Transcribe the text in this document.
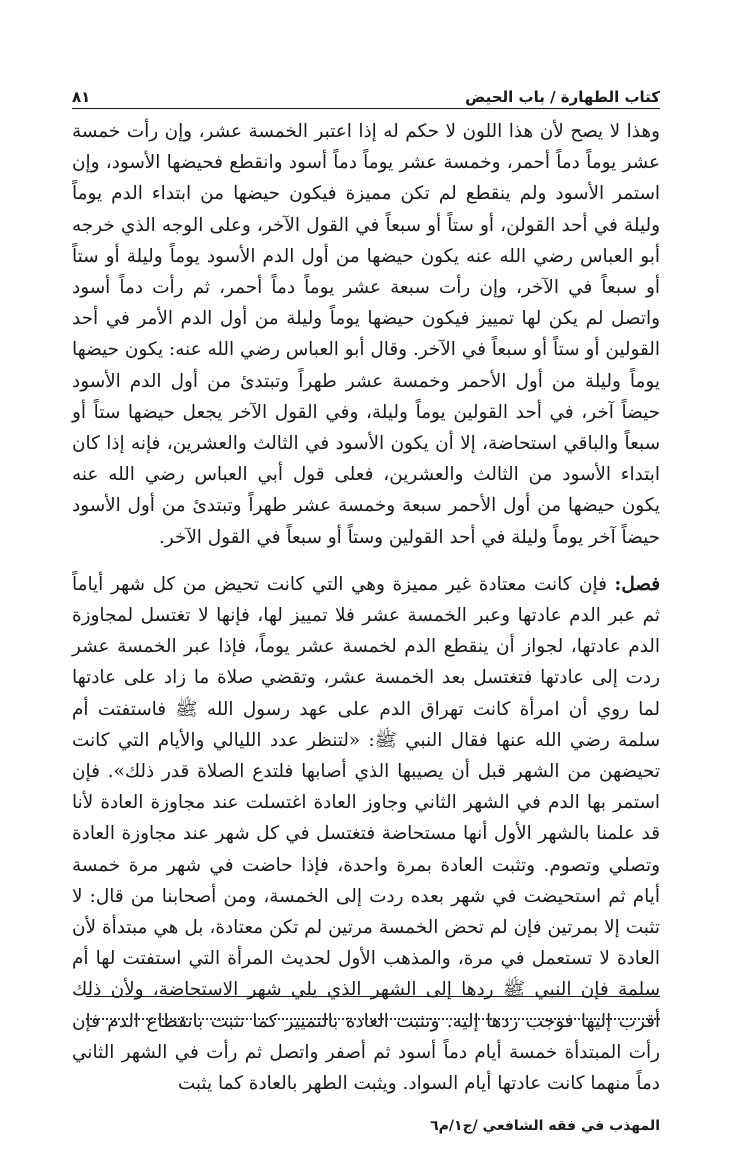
كتاب الطهارة / باب الحيض
٨١

وهذا لا يصح لأن هذا اللون لا حكم له إذا اعتبر الخمسة عشر، وإن رأت خمسة عشر يوماً دماً أحمر، وخمسة عشر يوماً دماً أسود وانقطع فحيضها الأسود، وإن استمر الأسود ولم ينقطع لم تكن مميزة فيكون حيضها من ابتداء الدم يوماً وليلة في أحد القولن، أو ستاً أو سبعاً في القول الآخر، وعلى الوجه الذي خرجه أبو العباس رضي الله عنه يكون حيضها من أول الدم الأسود يوماً وليلة أو ستاً أو سبعاً في الآخر، وإن رأت سبعة عشر يوماً دماً أحمر، ثم رأت دماً أسود واتصل لم يكن لها تمييز فيكون حيضها يوماً وليلة من أول الدم الأمر في أحد القولين أو ستاً أو سبعاً في الآخر. وقال أبو العباس رضي الله عنه: يكون حيضها يوماً وليلة من أول الأحمر وخمسة عشر طهراً وتبتدئ من أول الدم الأسود حيضاً آخر، في أحد القولين يوماً وليلة، وفي القول الآخر يجعل حيضها ستاً أو سبعاً والباقي استحاضة، إلا أن يكون الأسود في الثالث والعشرين، فإنه إذا كان ابتداء الأسود من الثالث والعشرين، فعلى قول أبي العباس رضي الله عنه يكون حيضها من أول الأحمر سبعة وخمسة عشر طهراً وتبتدئ من أول الأسود حيضاً آخر يوماً وليلة في أحد القولين وستاً أو سبعاً في القول الآخر.

فصل: فإن كانت معتادة غير مميزة وهي التي كانت تحيض من كل شهر أياماً ثم عبر الدم عادتها وعبر الخمسة عشر فلا تمييز لها، فإنها لا تغتسل لمجاوزة الدم عادتها، لجواز أن ينقطع الدم لخمسة عشر يوماً، فإذا عبر الخمسة عشر ردت إلى عادتها فتغتسل بعد الخمسة عشر، وتقضي صلاة ما زاد على عادتها لما روي أن امرأة كانت تهراق الدم على عهد رسول الله ﷺ فاستفتت أم سلمة رضي الله عنها فقال النبي ﷺ: «لتنظر عدد الليالي والأيام التي كانت تحيضهن من الشهر قبل أن يصيبها الذي أصابها فلتدع الصلاة قدر ذلك». فإن استمر بها الدم في الشهر الثاني وجاوز العادة اغتسلت عند مجاوزة العادة لأنا قد علمنا بالشهر الأول أنها مستحاضة فتغتسل في كل شهر عند مجاوزة العادة وتصلي وتصوم. وتثبت العادة بمرة واحدة، فإذا حاضت في شهر مرة خمسة أيام ثم استحيضت في شهر بعده ردت إلى الخمسة، ومن أصحابنا من قال: لا تثبت إلا بمرتين فإن لم تحض الخمسة مرتين لم تكن معتادة، بل هي مبتدأة لأن العادة لا تستعمل في مرة، والمذهب الأول لحديث المرأة التي استفتت لها أم سلمة فإن النبي ﷺ ردها إلى الشهر الذي يلي شهر الاستحاضة، ولأن ذلك أقرب إليها فوجب ردها إليه. وتثبت العادة بالتمييز كما تثبت بانقطاع الدم فإن رأت المبتدأة خمسة أيام دماً أسود ثم أصفر واتصل ثم رأت في الشهر الثاني دماً منهما كانت عادتها أيام السواد. ويثبت الطهر بالعادة كما يثبت

المهذب في فقه الشافعي /ج١/م٦
